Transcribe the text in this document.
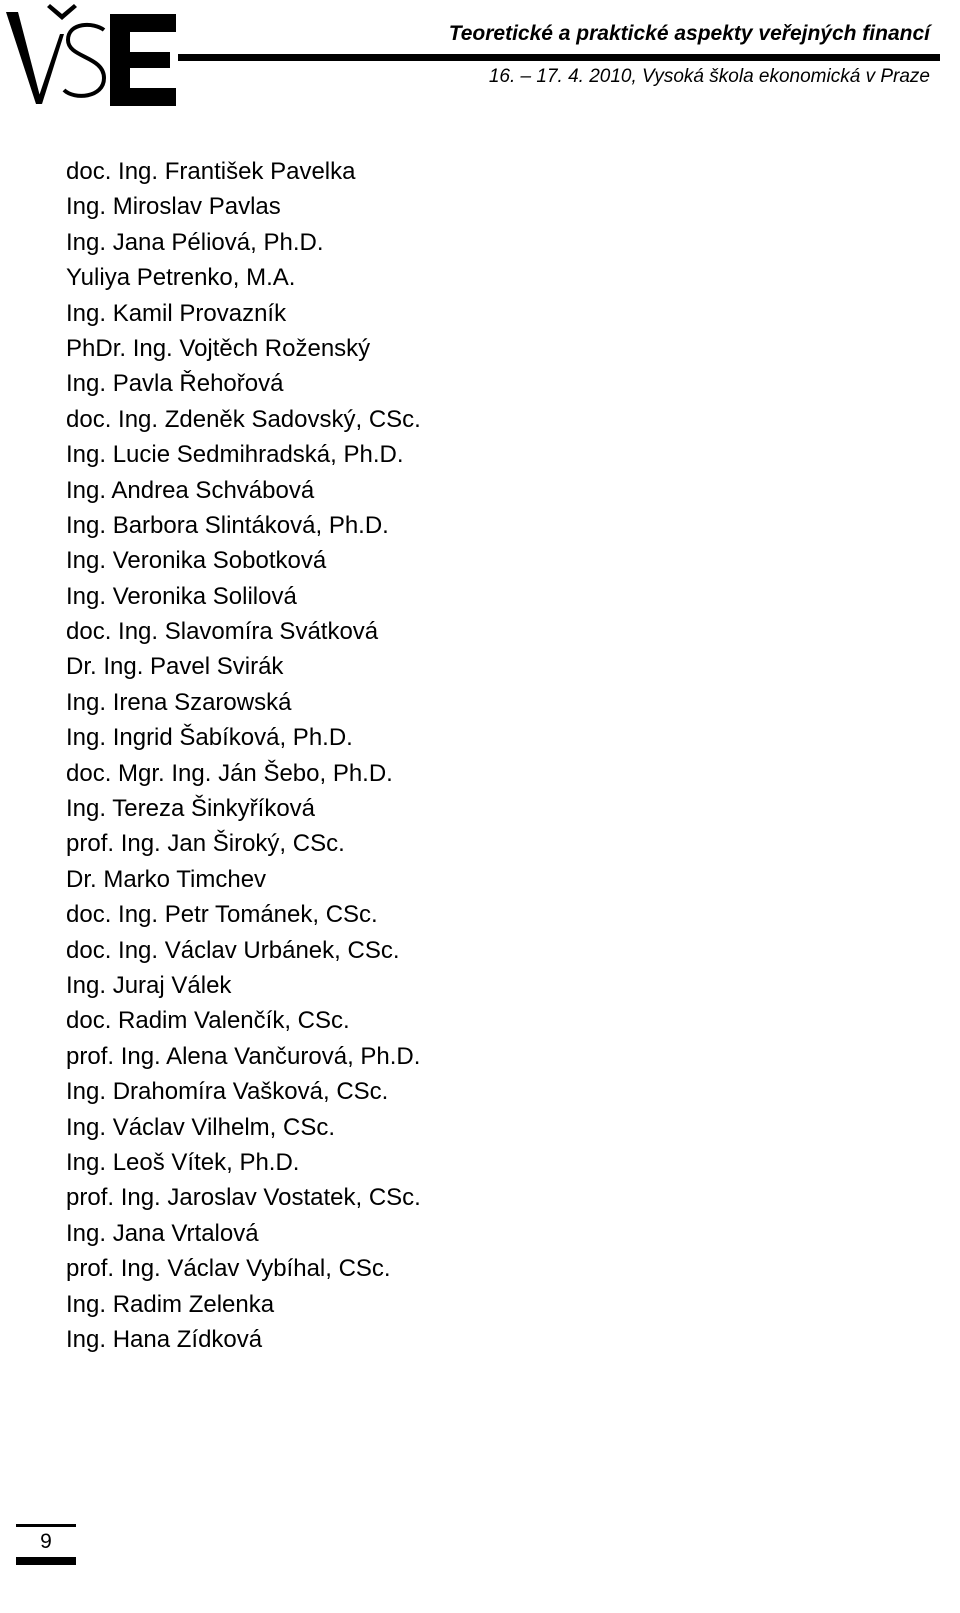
Teoretické a praktické aspekty veřejných financí
16. – 17. 4. 2010, Vysoká škola ekonomická v Praze
doc. Ing. František Pavelka
Ing. Miroslav Pavlas
Ing. Jana Péliová, Ph.D.
Yuliya Petrenko, M.A.
Ing. Kamil Provazník
PhDr. Ing. Vojtěch Roženský
Ing. Pavla Řehořová
doc. Ing. Zdeněk Sadovský, CSc.
Ing. Lucie Sedmihradská, Ph.D.
Ing. Andrea Schvábová
Ing. Barbora Slintáková, Ph.D.
Ing. Veronika Sobotková
Ing. Veronika Solilová
doc. Ing. Slavomíra Svátková
Dr. Ing. Pavel Svirák
Ing. Irena Szarowská
Ing. Ingrid Šabíková, Ph.D.
doc. Mgr. Ing. Ján Šebo, Ph.D.
Ing. Tereza Šinkyříková
prof. Ing. Jan Široký, CSc.
Dr. Marko Timchev
doc. Ing. Petr Tománek, CSc.
doc. Ing. Václav Urbánek, CSc.
Ing. Juraj Válek
doc. Radim Valenčík, CSc.
prof. Ing. Alena Vančurová, Ph.D.
Ing. Drahomíra Vašková, CSc.
Ing. Václav Vilhelm, CSc.
Ing. Leoš Vítek, Ph.D.
prof. Ing. Jaroslav Vostatek, CSc.
Ing. Jana Vrtalová
prof. Ing. Václav Vybíhal, CSc.
Ing. Radim Zelenka
Ing. Hana Zídková
9
